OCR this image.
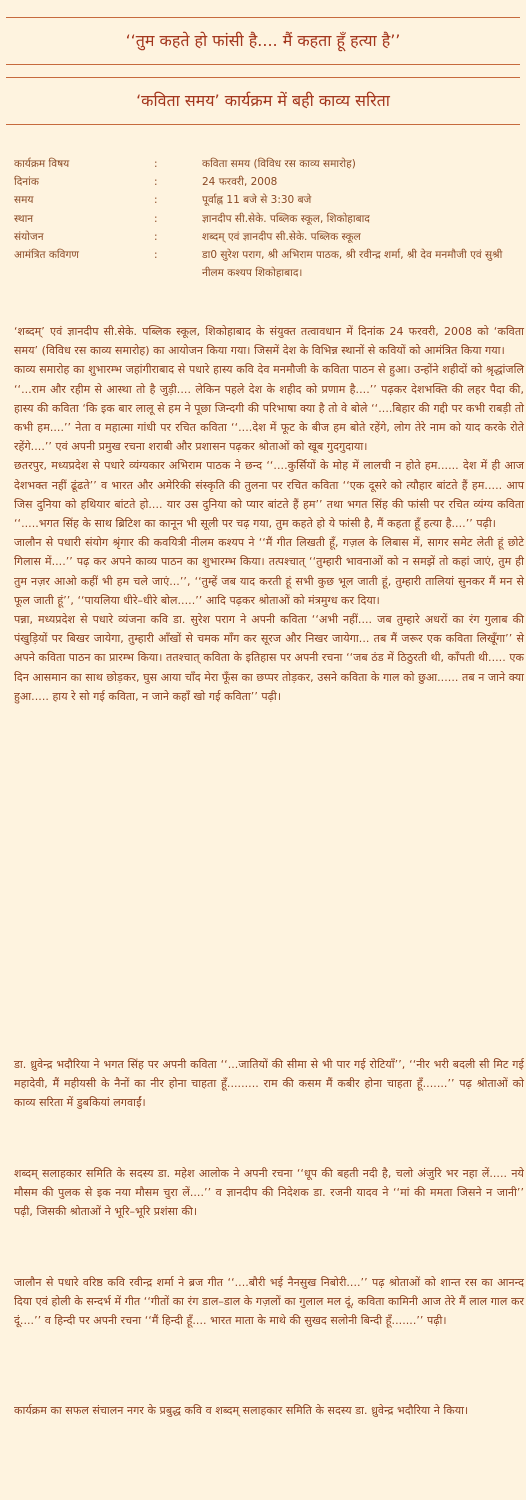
‘‘तुम कहते हो फांसी है.... मैं कहता हूँ हत्या है’’
‘कविता समय’ कार्यक्रम में बही काव्य सरिता
कार्यक्रम विषय	:	कविता समय (विविध रस काव्य समारोह)
दिनांक	:	24 फरवरी, 2008
समय	:	पूर्वाह्न 11 बजे से 3:30 बजे
स्थान	:	ज्ञानदीप सी.सेके. पब्लिक स्कूल, शिकोहाबाद
संयोजन	:	शब्दम् एवं ज्ञानदीप सी.सेके. पब्लिक स्कूल
आमंत्रित कविगण	:	डा0 सुरेश पराग, श्री अभिराम पाठक, श्री रवीन्द्र शर्मा, श्री देव मनमौजी एवं सुश्री नीलम कश्यप शिकोहाबाद।

‘शब्दम्’ एवं ज्ञानदीप सी.सेके. पब्लिक स्कूल, शिकोहाबाद के संयुक्त तत्वावधान में दिनांक 24 फरवरी, 2008 को ‘कविता समय’ (विविध रस काव्य समारोह) का आयोजन किया गया। जिसमें देश के विभिन्न स्थानों से कवियों को आमंत्रित किया गया।

काव्य समारोह का शुभारम्भ जहांगीराबाद से पधारे हास्य कवि देव मनमौजी के कविता पाठन से हुआ। उन्होंने शहीदों को श्रृद्धांजलि ‘‘...राम और रहीम से आस्था तो है जुड़ी.... लेकिन पहले देश के शहीद को प्रणाम है....’’ पढ़कर देशभक्ति की लहर पैदा की, हास्य की कविता ‘कि इक बार लालू से हम ने पूछा जिन्दगी की परिभाषा क्या है तो वे बोले ‘‘....बिहार की गद्दी पर कभी राबड़ी तो कभी हम....’’ नेता व महात्मा गांधी पर रचित कविता ‘‘....देश में फूट के बीज हम बोते रहेंगे, लोग तेरे नाम को याद करके रोते रहेंगे....’’ एवं अपनी प्रमुख रचना शराबी और प्रशासन पढ़कर श्रोताओं को खूब गुदगुदाया।

छतरपुर, मध्यप्रदेश से पधारे व्यंग्यकार अभिराम पाठक ने छन्द ‘‘....कुर्सियों के मोह में लालची न होते हम...... देश में ही आज देशभक्त नहीं ढूंढते’’ व भारत और अमेरिकी संस्कृति की तुलना पर रचित कविता ‘‘एक दूसरे को त्यौहार बांटते हैं हम..... आप जिस दुनिया को हथियार बांटते हो.... यार उस दुनिया को प्यार बांटते हैं हम’’ तथा भगत सिंह की फांसी पर रचित व्यंग्य कविता ‘‘.....भगत सिंह के साथ ब्रिटिश का कानून भी सूली पर चढ़ गया, तुम कहते हो ये फांसी है, मैं कहता हूँ हत्या है....’’ पढ़ी।

जालौन से पधारी संयोग श्रृंगार की कवयित्री नीलम कश्यप ने ‘‘मैं गीत लिखती हूँ, गज़ल के लिबास में, सागर समेट लेती हूं छोटे गिलास में....’’ पढ़ कर अपने काव्य पाठन का शुभारम्भ किया। तत्पश्चात् ‘‘तुम्हारी भावनाओं को न समझें तो कहां जाएं, तुम ही तुम नज़र आओ कहीं भी हम चले जाएं...’’, ‘‘तुम्हें जब याद करती हूं सभी कुछ भूल जाती हूं, तुम्हारी तालियां सुनकर मैं मन से फूल जाती हूं’’, ‘‘पायलिया धीरे–धीरे बोल.....’’ आदि पढ़कर श्रोताओं को मंत्रमुग्ध कर दिया।

पन्ना, मध्यप्रदेश से पधारे व्यंजना कवि डा. सुरेश पराग ने अपनी कविता ‘‘अभी नहीं.... जब तुम्हारे अधरों का रंग गुलाब की पंखुड़ियों पर बिखर जायेगा, तुम्हारी आँखों से चमक माँग कर सूरज और निखर जायेगा... तब मैं जरूर एक कविता लिखूँगा’’ से अपने कविता पाठन का प्रारम्भ किया। ततश्चात् कविता के इतिहास पर अपनी रचना ‘‘जब ठंड में ठिठुरती थी, काँपती थी..... एक दिन आसमान का साथ छोड़कर, घुस आया चाँद मेरा फूँस का छप्पर तोड़कर, उसने कविता के गाल को छुआ...... तब न जाने क्या हुआ..... हाय रे सो गई कविता, न जाने कहाँ खो गई कविता’’ पढ़ी।

डा. ध्रुवेन्द्र भदौरिया ने भगत सिंह पर अपनी कविता ‘‘...जातियों की सीमा से भी पार गई रोटियाँ’’, ‘‘नीर भरी बदली सी मिट गई महादेवी, मैं महीयसी के नैनों का नीर होना चाहता हूँ......... राम की कसम मैं कबीर होना चाहता हूँ.......’’ पढ़ श्रोताओं को काव्य सरिता में डुबकियां लगवाईं।

शब्दम् सलाहकार समिति के सदस्य डा. महेश आलोक ने अपनी रचना ‘‘धूप की बहती नदी है, चलो अंजुरि भर नहा लें..... नये मौसम की पुलक से इक नया मौसम चुरा लें....’’ व ज्ञानदीप की निदेशक डा. रजनी यादव ने ‘‘मां की ममता जिसने न जानी’’ पढ़ी, जिसकी श्रोताओं ने भूरि–भूरि प्रशंसा की।

जालौन से पधारे वरिष्ठ कवि रवीन्द्र शर्मा ने ब्रज गीत ‘‘....बौरी भई नैनसुख निबोरी....’’ पढ़ श्रोताओं को शान्त रस का आनन्द दिया एवं होली के सन्दर्भ में गीत ‘‘गीतों का रंग डाल–डाल के गज़लों का गुलाल मल दूं, कविता कामिनी आज तेरे मैं लाल गाल कर दूं....’’ व हिन्दी पर अपनी रचना ‘‘मैं हिन्दी हूँ.... भारत माता के माथे की सुखद सलोनी बिन्दी हूँ.......’’ पढ़ी।

कार्यक्रम का सफल संचालन नगर के प्रबुद्ध कवि व शब्दम् सलाहकार समिति के सदस्य डा. ध्रुवेन्द्र भदौरिया ने किया।
